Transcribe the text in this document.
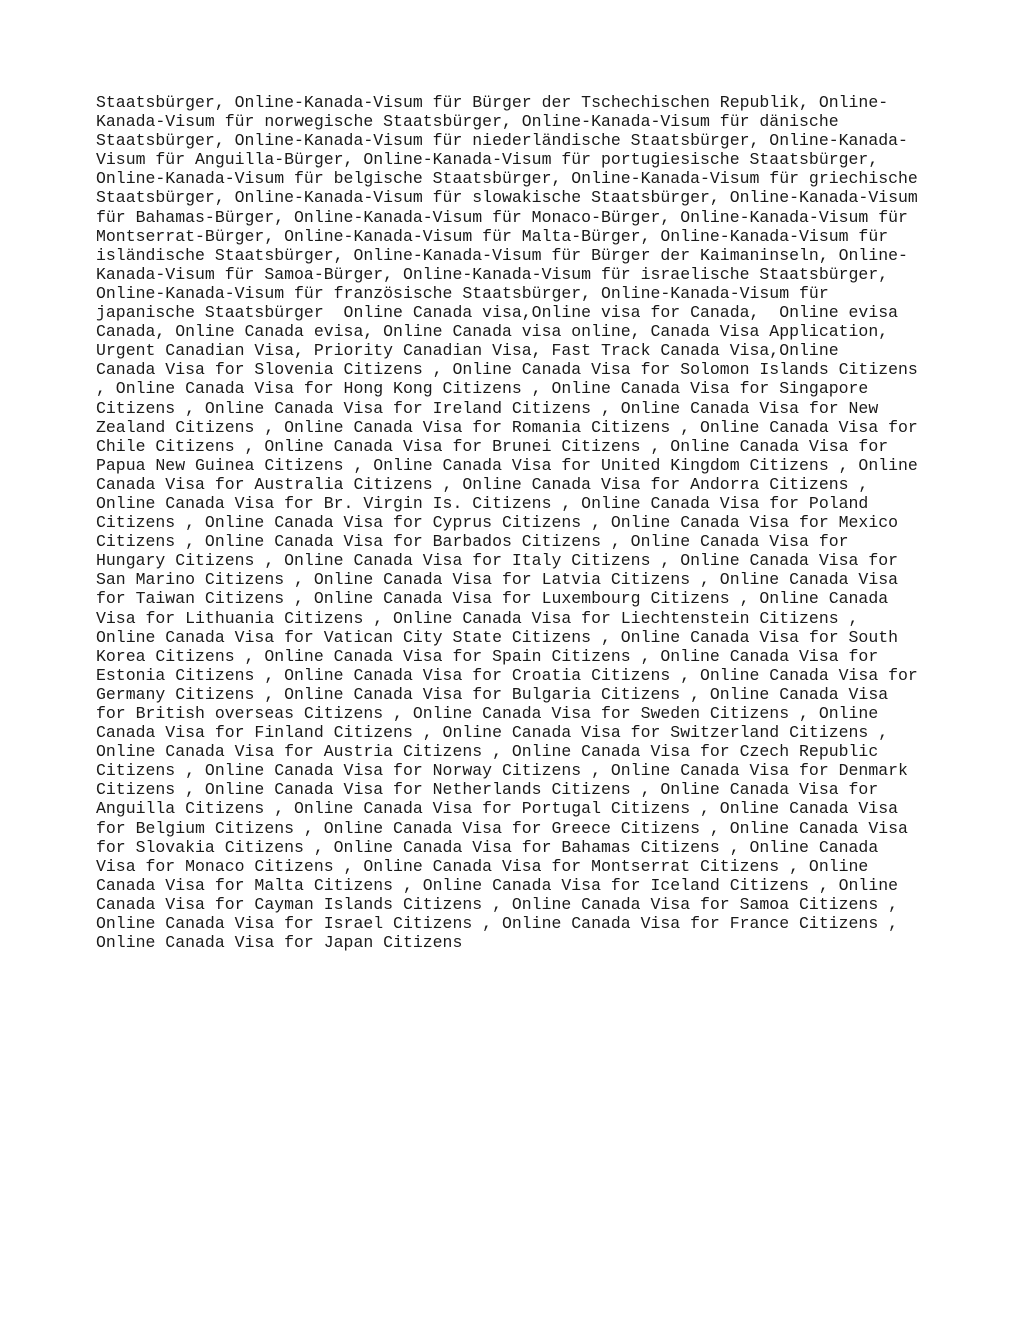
Staatsbürger, Online-Kanada-Visum für Bürger der Tschechischen Republik, Online-
Kanada-Visum für norwegische Staatsbürger, Online-Kanada-Visum für dänische
Staatsbürger, Online-Kanada-Visum für niederländische Staatsbürger, Online-Kanada-
Visum für Anguilla-Bürger, Online-Kanada-Visum für portugiesische Staatsbürger,
Online-Kanada-Visum für belgische Staatsbürger, Online-Kanada-Visum für griechische
Staatsbürger, Online-Kanada-Visum für slowakische Staatsbürger, Online-Kanada-Visum
für Bahamas-Bürger, Online-Kanada-Visum für Monaco-Bürger, Online-Kanada-Visum für
Montserrat-Bürger, Online-Kanada-Visum für Malta-Bürger, Online-Kanada-Visum für
isländische Staatsbürger, Online-Kanada-Visum für Bürger der Kaimaninseln, Online-
Kanada-Visum für Samoa-Bürger, Online-Kanada-Visum für israelische Staatsbürger,
Online-Kanada-Visum für französische Staatsbürger, Online-Kanada-Visum für
japanische Staatsbürger  Online Canada visa,Online visa for Canada,  Online evisa
Canada, Online Canada evisa, Online Canada visa online, Canada Visa Application,
Urgent Canadian Visa, Priority Canadian Visa, Fast Track Canada Visa,Online
Canada Visa for Slovenia Citizens , Online Canada Visa for Solomon Islands Citizens
, Online Canada Visa for Hong Kong Citizens , Online Canada Visa for Singapore
Citizens , Online Canada Visa for Ireland Citizens , Online Canada Visa for New
Zealand Citizens , Online Canada Visa for Romania Citizens , Online Canada Visa for
Chile Citizens , Online Canada Visa for Brunei Citizens , Online Canada Visa for
Papua New Guinea Citizens , Online Canada Visa for United Kingdom Citizens , Online
Canada Visa for Australia Citizens , Online Canada Visa for Andorra Citizens ,
Online Canada Visa for Br. Virgin Is. Citizens , Online Canada Visa for Poland
Citizens , Online Canada Visa for Cyprus Citizens , Online Canada Visa for Mexico
Citizens , Online Canada Visa for Barbados Citizens , Online Canada Visa for
Hungary Citizens , Online Canada Visa for Italy Citizens , Online Canada Visa for
San Marino Citizens , Online Canada Visa for Latvia Citizens , Online Canada Visa
for Taiwan Citizens , Online Canada Visa for Luxembourg Citizens , Online Canada
Visa for Lithuania Citizens , Online Canada Visa for Liechtenstein Citizens ,
Online Canada Visa for Vatican City State Citizens , Online Canada Visa for South
Korea Citizens , Online Canada Visa for Spain Citizens , Online Canada Visa for
Estonia Citizens , Online Canada Visa for Croatia Citizens , Online Canada Visa for
Germany Citizens , Online Canada Visa for Bulgaria Citizens , Online Canada Visa
for British overseas Citizens , Online Canada Visa for Sweden Citizens , Online
Canada Visa for Finland Citizens , Online Canada Visa for Switzerland Citizens ,
Online Canada Visa for Austria Citizens , Online Canada Visa for Czech Republic
Citizens , Online Canada Visa for Norway Citizens , Online Canada Visa for Denmark
Citizens , Online Canada Visa for Netherlands Citizens , Online Canada Visa for
Anguilla Citizens , Online Canada Visa for Portugal Citizens , Online Canada Visa
for Belgium Citizens , Online Canada Visa for Greece Citizens , Online Canada Visa
for Slovakia Citizens , Online Canada Visa for Bahamas Citizens , Online Canada
Visa for Monaco Citizens , Online Canada Visa for Montserrat Citizens , Online
Canada Visa for Malta Citizens , Online Canada Visa for Iceland Citizens , Online
Canada Visa for Cayman Islands Citizens , Online Canada Visa for Samoa Citizens ,
Online Canada Visa for Israel Citizens , Online Canada Visa for France Citizens ,
Online Canada Visa for Japan Citizens
